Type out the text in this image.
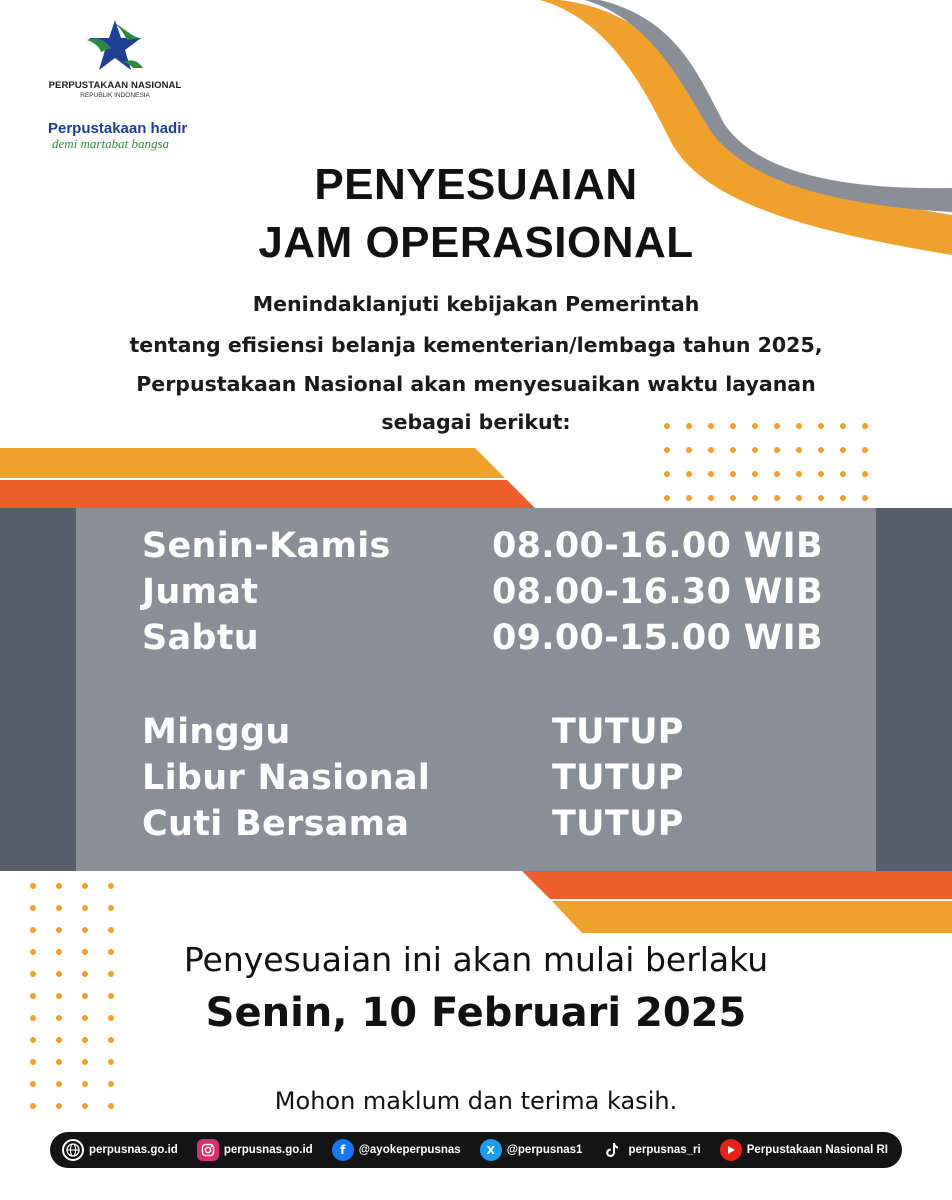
PERPUSTAKAAN NASIONAL
REPUBLIK INDONESIA
Perpustakaan hadir
demi martabat bangsa
PENYESUAIAN
JAM OPERASIONAL
Menindaklanjuti kebijakan Pemerintah
tentang efisiensi belanja kementerian/lembaga tahun 2025,
Perpustakaan Nasional akan menyesuaikan waktu layanan
sebagai berikut:
Senin-Kamis	08.00-16.00 WIB
Jumat	08.00-16.30 WIB
Sabtu	09.00-15.00 WIB
Minggu	TUTUP
Libur Nasional	TUTUP
Cuti Bersama	TUTUP
Penyesuaian ini akan mulai berlaku
Senin, 10 Februari 2025
Mohon maklum dan terima kasih.
perpusnas.go.id	perpusnas.go.id	f	@ayokeperpusnas	X	@perpusnas1	perpusnas_ri	Perpustakaan Nasional RI
